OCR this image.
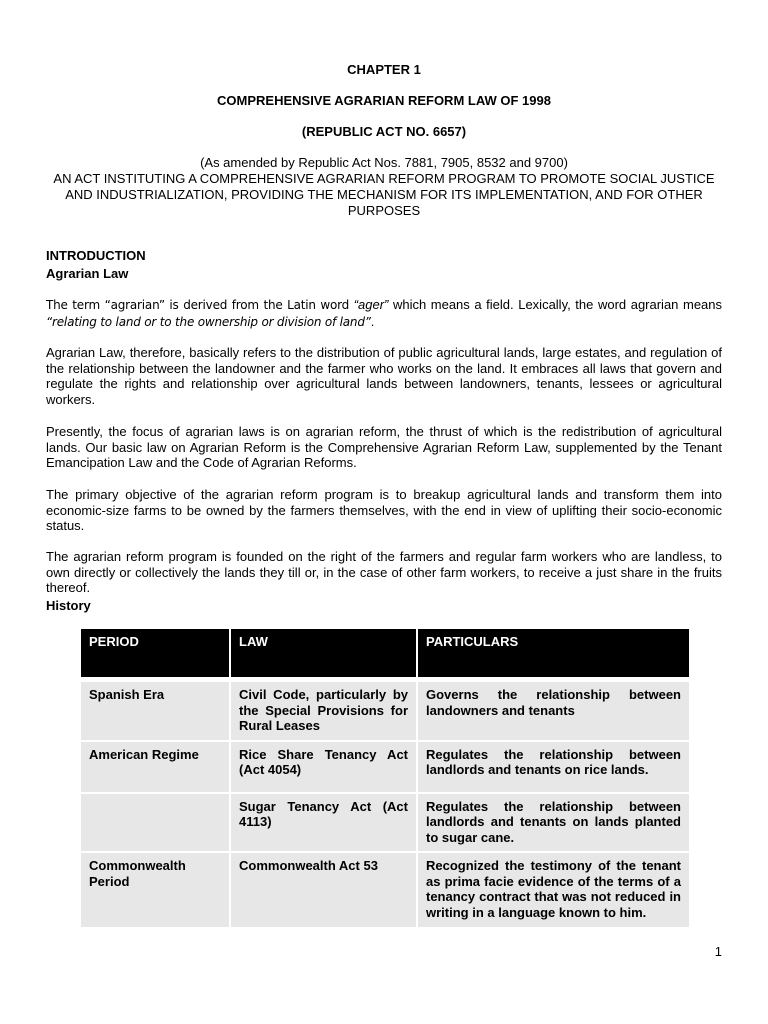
CHAPTER 1
COMPREHENSIVE AGRARIAN REFORM LAW OF 1998
(REPUBLIC ACT NO. 6657)
(As amended by Republic Act Nos. 7881, 7905, 8532 and 9700)
AN ACT INSTITUTING A COMPREHENSIVE AGRARIAN REFORM PROGRAM TO PROMOTE SOCIAL JUSTICE AND INDUSTRIALIZATION, PROVIDING THE MECHANISM FOR ITS IMPLEMENTATION, AND FOR OTHER PURPOSES
INTRODUCTION
Agrarian Law
The term “agrarian” is derived from the Latin word “ager” which means a field. Lexically, the word agrarian means “relating to land or to the ownership or division of land”.
Agrarian Law, therefore, basically refers to the distribution of public agricultural lands, large estates, and regulation of the relationship between the landowner and the farmer who works on the land. It embraces all laws that govern and regulate the rights and relationship over agricultural lands between landowners, tenants, lessees or agricultural workers.
Presently, the focus of agrarian laws is on agrarian reform, the thrust of which is the redistribution of agricultural lands. Our basic law on Agrarian Reform is the Comprehensive Agrarian Reform Law, supplemented by the Tenant Emancipation Law and the Code of Agrarian Reforms.
The primary objective of the agrarian reform program is to breakup agricultural lands and transform them into economic-size farms to be owned by the farmers themselves, with the end in view of uplifting their socio-economic status.
The agrarian reform program is founded on the right of the farmers and regular farm workers who are landless, to own directly or collectively the lands they till or, in the case of other farm workers, to receive a just share in the fruits thereof.
History
PERIOD	LAW	PARTICULARS

Spanish Era	Civil Code, particularly by the Special Provisions for Rural Leases	Governs the relationship between landowners and tenants
American Regime	Rice Share Tenancy Act (Act 4054)	Regulates the relationship between landlords and tenants on rice lands.
	Sugar Tenancy Act (Act 4113)	Regulates the relationship between landlords and tenants on lands planted to sugar cane.
Commonwealth Period	Commonwealth Act 53	Recognized the testimony of the tenant as prima facie evidence of the terms of a tenancy contract that was not reduced in writing in a language known to him.
1
